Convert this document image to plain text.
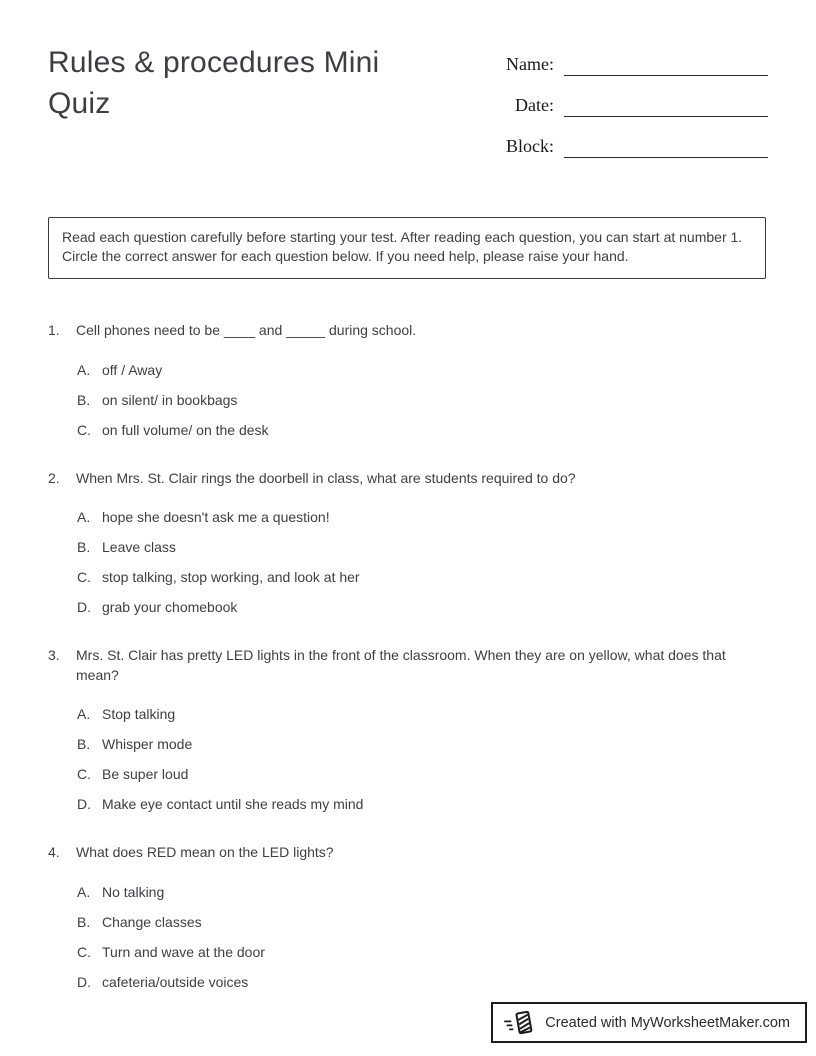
Rules & procedures Mini Quiz
Name:
Date:
Block:
Read each question carefully before starting your test. After reading each question, you can start at number 1. Circle the correct answer for each question below. If you need help, please raise your hand.
1.	Cell phones need to be ____ and _____ during school.
A. off / Away
B. on silent/ in bookbags
C. on full volume/ on the desk
2.	When Mrs. St. Clair rings the doorbell in class, what are students required to do?
A. hope she doesn't ask me a question!
B. Leave class
C. stop talking, stop working, and look at her
D. grab your chomebook
3.	Mrs. St. Clair has pretty LED lights in the front of the classroom. When they are on yellow, what does that mean?
A. Stop talking
B. Whisper mode
C. Be super loud
D. Make eye contact until she reads my mind
4.	What does RED mean on the LED lights?
A. No talking
B. Change classes
C. Turn and wave at the door
D. cafeteria/outside voices
Created with MyWorksheetMaker.com
